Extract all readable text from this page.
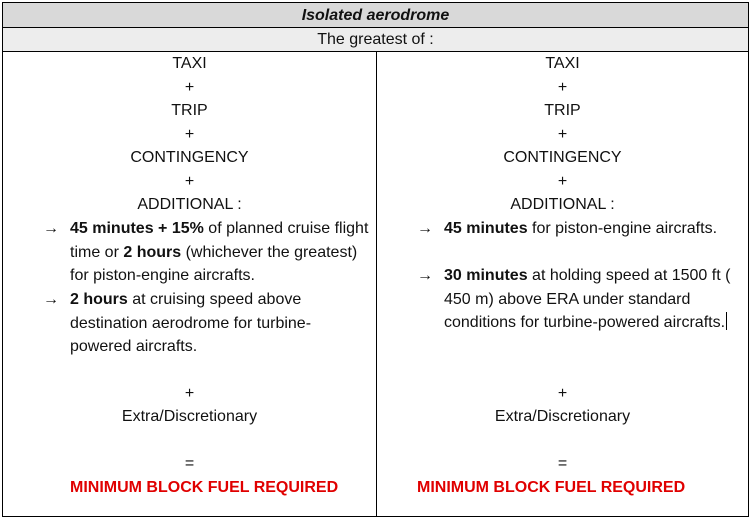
Isolated aerodrome
The greatest of :
TAXI
+
TRIP
+
CONTINGENCY
+
ADDITIONAL :
→ 45 minutes + 15% of planned cruise flight time or 2 hours (whichever the greatest) for piston-engine aircrafts.
→ 2 hours at cruising speed above destination aerodrome for turbine-powered aircrafts.
+
Extra/Discretionary
=
MINIMUM BLOCK FUEL REQUIRED
TAXI
+
TRIP
+
CONTINGENCY
+
ADDITIONAL :
→ 45 minutes for piston-engine aircrafts.
→ 30 minutes at holding speed at 1500 ft ( 450 m) above ERA under standard conditions for turbine-powered aircrafts.
+
Extra/Discretionary
=
MINIMUM BLOCK FUEL REQUIRED
